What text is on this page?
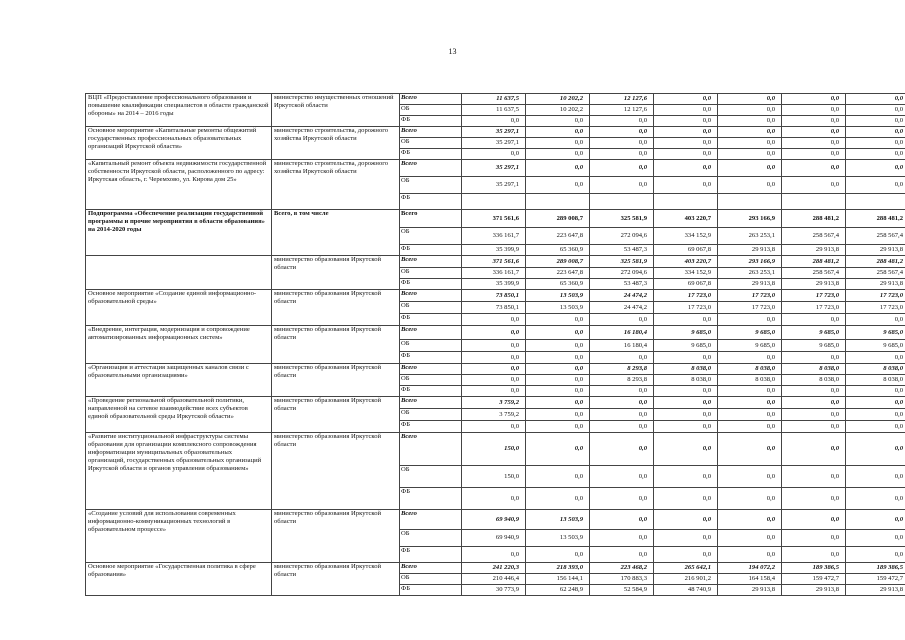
13
ВЦП «Предоставление профессионального образования и повышение квалификации специалистов в области гражданской обороны» на 2014 – 2016 годы	министерство имущественных отношений Иркутской области	Всего	11 637,5	10 202,2	12 127,6	0,0	0,0	0,0	0,0
		ОБ	11 637,5	10 202,2	12 127,6	0,0	0,0	0,0	0,0
		ФБ	0,0	0,0	0,0	0,0	0,0	0,0	0,0
Основное мероприятие «Капитальные ремонты общежитий государственных профессиональных образовательных организаций Иркутской области»	министерство строительства, дорожного хозяйства Иркутской области	Всего	35 297,1	0,0	0,0	0,0	0,0	0,0	0,0
		ОБ	35 297,1	0,0	0,0	0,0	0,0	0,0	0,0
		ФБ	0,0	0,0	0,0	0,0	0,0	0,0	0,0
«Капитальный ремонт объекта недвижимости государственной собственности Иркутской области, расположенного по адресу: Иркутская область, г. Черемхово, ул. Кирова дом 25»	министерство строительства, дорожного хозяйства Иркутской области	Всего	35 297,1	0,0	0,0	0,0	0,0	0,0	0,0
		ОБ	35 297,1	0,0	0,0	0,0	0,0	0,0	0,0
		ФБ							
Подпрограмма «Обеспечение реализации государственной программы и прочие мероприятия в области образования» на 2014-2020 годы	Всего, в том числе	Всего	371 561,6	289 008,7	325 581,9	403 220,7	293 166,9	288 481,2	288 481,2
		ОБ	336 161,7	223 647,8	272 094,6	334 152,9	263 253,1	258 567,4	258 567,4
		ФБ	35 399,9	65 360,9	53 487,3	69 067,8	29 913,8	29 913,8	29 913,8
	министерство образования Иркутской области	Всего	371 561,6	289 008,7	325 581,9	403 220,7	293 166,9	288 481,2	288 481,2
		ОБ	336 161,7	223 647,8	272 094,6	334 152,9	263 253,1	258 567,4	258 567,4
		ФБ	35 399,9	65 360,9	53 487,3	69 067,8	29 913,8	29 913,8	29 913,8
Основное мероприятие «Создание единой информационно-образовательной среды»	министерство образования Иркутской области	Всего	73 850,1	13 503,9	24 474,2	17 723,0	17 723,0	17 723,0	17 723,0
		ОБ	73 850,1	13 503,9	24 474,2	17 723,0	17 723,0	17 723,0	17 723,0
		ФБ	0,0	0,0	0,0	0,0	0,0	0,0	0,0
«Внедрение, интеграция, модернизация и сопровождение автоматизированных информационных систем»	министерство образования Иркутской области	Всего	0,0	0,0	16 180,4	9 685,0	9 685,0	9 685,0	9 685,0
		ОБ	0,0	0,0	16 180,4	9 685,0	9 685,0	9 685,0	9 685,0
		ФБ	0,0	0,0	0,0	0,0	0,0	0,0	0,0
«Организация и аттестация защищенных каналов связи с образовательными организациями»	министерство образования Иркутской области	Всего	0,0	0,0	8 293,8	8 038,0	8 038,0	8 038,0	8 038,0
		ОБ	0,0	0,0	8 293,8	8 038,0	8 038,0	8 038,0	8 038,0
		ФБ	0,0	0,0	0,0	0,0	0,0	0,0	0,0
«Проведение региональной образовательной политики, направленной на сетевое взаимодействие всех субъектов единой образовательной среды Иркутской области»	министерство образования Иркутской области	Всего	3 759,2	0,0	0,0	0,0	0,0	0,0	0,0
		ОБ	3 759,2	0,0	0,0	0,0	0,0	0,0	0,0
		ФБ	0,0	0,0	0,0	0,0	0,0	0,0	0,0
«Развитие институциональной инфраструктуры системы образования для организации комплексного сопровождения информатизации муниципальных образовательных организаций, государственных образовательных организаций Иркутской области и органов управления образованием»	министерство образования Иркутской области	Всего	150,0	0,0	0,0	0,0	0,0	0,0	0,0
		ОБ	150,0	0,0	0,0	0,0	0,0	0,0	0,0
		ФБ	0,0	0,0	0,0	0,0	0,0	0,0	0,0
«Создание условий для использования современных информационно-коммуникационных технологий в образовательном процессе»	министерство образования Иркутской области	Всего	69 940,9	13 503,9	0,0	0,0	0,0	0,0	0,0
		ОБ	69 940,9	13 503,9	0,0	0,0	0,0	0,0	0,0
		ФБ	0,0	0,0	0,0	0,0	0,0	0,0	0,0
Основное мероприятие «Государственная политика в сфере образования»	министерство образования Иркутской области	Всего	241 220,3	218 393,0	223 468,2	265 642,1	194 072,2	189 386,5	189 386,5
		ОБ	210 446,4	156 144,1	170 883,3	216 901,2	164 158,4	159 472,7	159 472,7
		ФБ	30 773,9	62 248,9	52 584,9	48 740,9	29 913,8	29 913,8	29 913,8
